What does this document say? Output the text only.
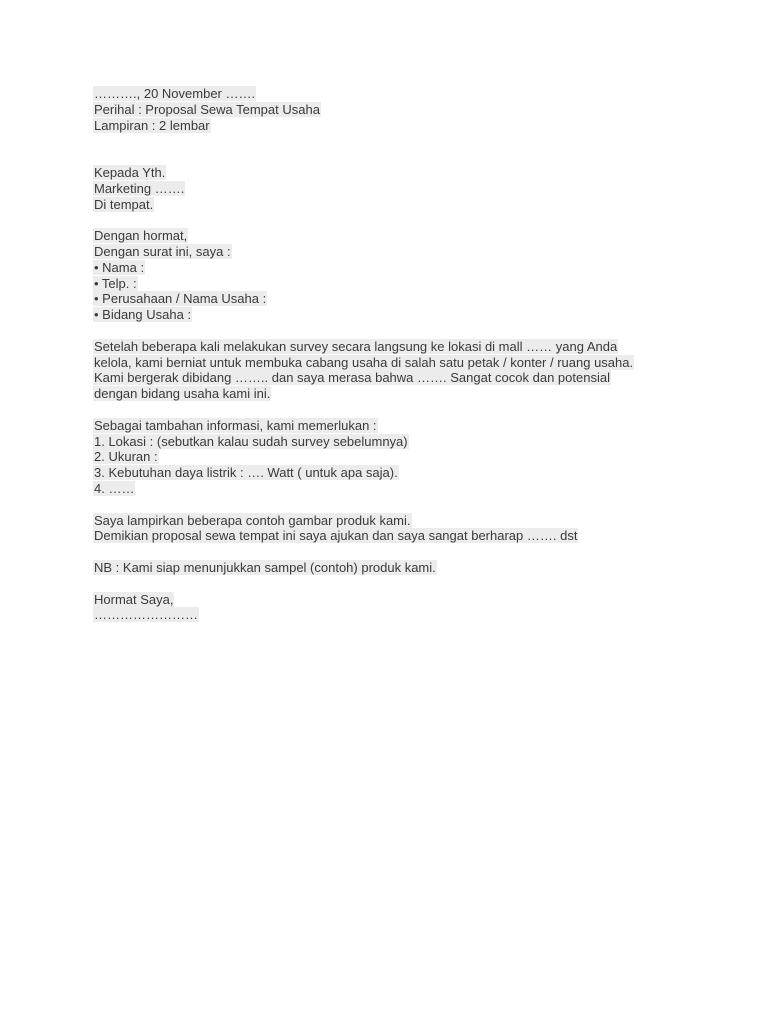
………., 20 November …….
Perihal : Proposal Sewa Tempat Usaha
Lampiran : 2 lembar
Kepada Yth.
Marketing …….
Di tempat.
Dengan hormat,
Dengan surat ini, saya :
• Nama :
• Telp. :
• Perusahaan / Nama Usaha :
• Bidang Usaha :
Setelah beberapa kali melakukan survey secara langsung ke lokasi di mall …… yang Anda
kelola, kami berniat untuk membuka cabang usaha di salah satu petak / konter / ruang usaha.
Kami bergerak dibidang …….. dan saya merasa bahwa ……. Sangat cocok dan potensial
dengan bidang usaha kami ini.
Sebagai tambahan informasi, kami memerlukan :
1. Lokasi : (sebutkan kalau sudah survey sebelumnya)
2. Ukuran :
3. Kebutuhan daya listrik : …. Watt ( untuk apa saja).
4. ……
Saya lampirkan beberapa contoh gambar produk kami.
Demikian proposal sewa tempat ini saya ajukan dan saya sangat berharap ……. dst
NB : Kami siap menunjukkan sampel (contoh) produk kami.
Hormat Saya,
……………………
